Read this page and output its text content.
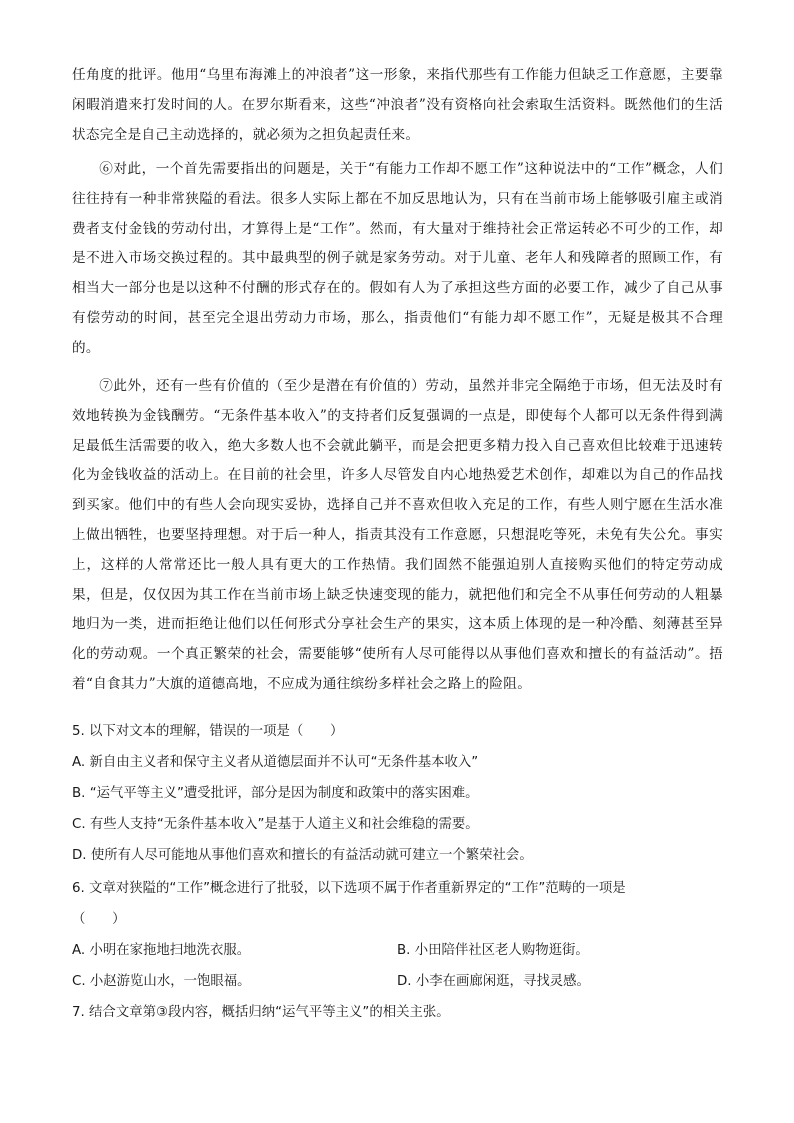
任角度的批评。他用“乌里布海滩上的冲浪者”这一形象，来指代那些有工作能力但缺乏工作意愿，主要靠闲暇消遣来打发时间的人。在罗尔斯看来，这些“冲浪者”没有资格向社会索取生活资料。既然他们的生活状态完全是自己主动选择的，就必须为之担负起责任来。
⑥对此，一个首先需要指出的问题是，关于“有能力工作却不愿工作”这种说法中的“工作”概念，人们往往持有一种非常狭隘的看法。很多人实际上都在不加反思地认为，只有在当前市场上能够吸引雇主或消费者支付金钱的劳动付出，才算得上是“工作”。然而，有大量对于维持社会正常运转必不可少的工作，却是不进入市场交换过程的。其中最典型的例子就是家务劳动。对于儿童、老年人和残障者的照顾工作，有相当大一部分也是以这种不付酬的形式存在的。假如有人为了承担这些方面的必要工作，减少了自己从事有偿劳动的时间，甚至完全退出劳动力市场，那么，指责他们“有能力却不愿工作”，无疑是极其不合理的。
⑦此外，还有一些有价值的（至少是潜在有价值的）劳动，虽然并非完全隔绝于市场，但无法及时有效地转换为金钱酬劳。“无条件基本收入”的支持者们反复强调的一点是，即使每个人都可以无条件得到满足最低生活需要的收入，绝大多数人也不会就此躺平，而是会把更多精力投入自己喜欢但比较难于迅速转化为金钱收益的活动上。在目前的社会里，许多人尽管发自内心地热爱艺术创作，却难以为自己的作品找到买家。他们中的有些人会向现实妥协，选择自己并不喜欢但收入充足的工作，有些人则宁愿在生活水准上做出牺牲，也要坚持理想。对于后一种人，指责其没有工作意愿，只想混吃等死，未免有失公允。事实上，这样的人常常还比一般人具有更大的工作热情。我们固然不能强迫别人直接购买他们的特定劳动成果，但是，仅仅因为其工作在当前市场上缺乏快速变现的能力，就把他们和完全不从事任何劳动的人粗暴地归为一类，进而拒绝让他们以任何形式分享社会生产的果实，这本质上体现的是一种冷酷、刻薄甚至异化的劳动观。一个真正繁荣的社会，需要能够“使所有人尽可能得以从事他们喜欢和擅长的有益活动”。捂着“自食其力”大旗的道德高地，不应成为通往缤纷多样社会之路上的险阻。
5. 以下对文本的理解，错误的一项是（　　）
A. 新自由主义者和保守主义者从道德层面并不认可“无条件基本收入”
B. “运气平等主义”遭受批评，部分是因为制度和政策中的落实困难。
C. 有些人支持“无条件基本收入”是基于人道主义和社会维稳的需要。
D. 使所有人尽可能地从事他们喜欢和擅长的有益活动就可建立一个繁荣社会。
6. 文章对狭隘的“工作”概念进行了批驳，以下选项不属于作者重新界定的“工作”范畴的一项是
（　　）
A. 小明在家拖地扫地洗衣服。	B. 小田陪伴社区老人购物逛街。
C. 小赵游览山水，一饱眼福。	D. 小李在画廊闲逛，寻找灵感。
7. 结合文章第③段内容，概括归纳“运气平等主义”的相关主张。
